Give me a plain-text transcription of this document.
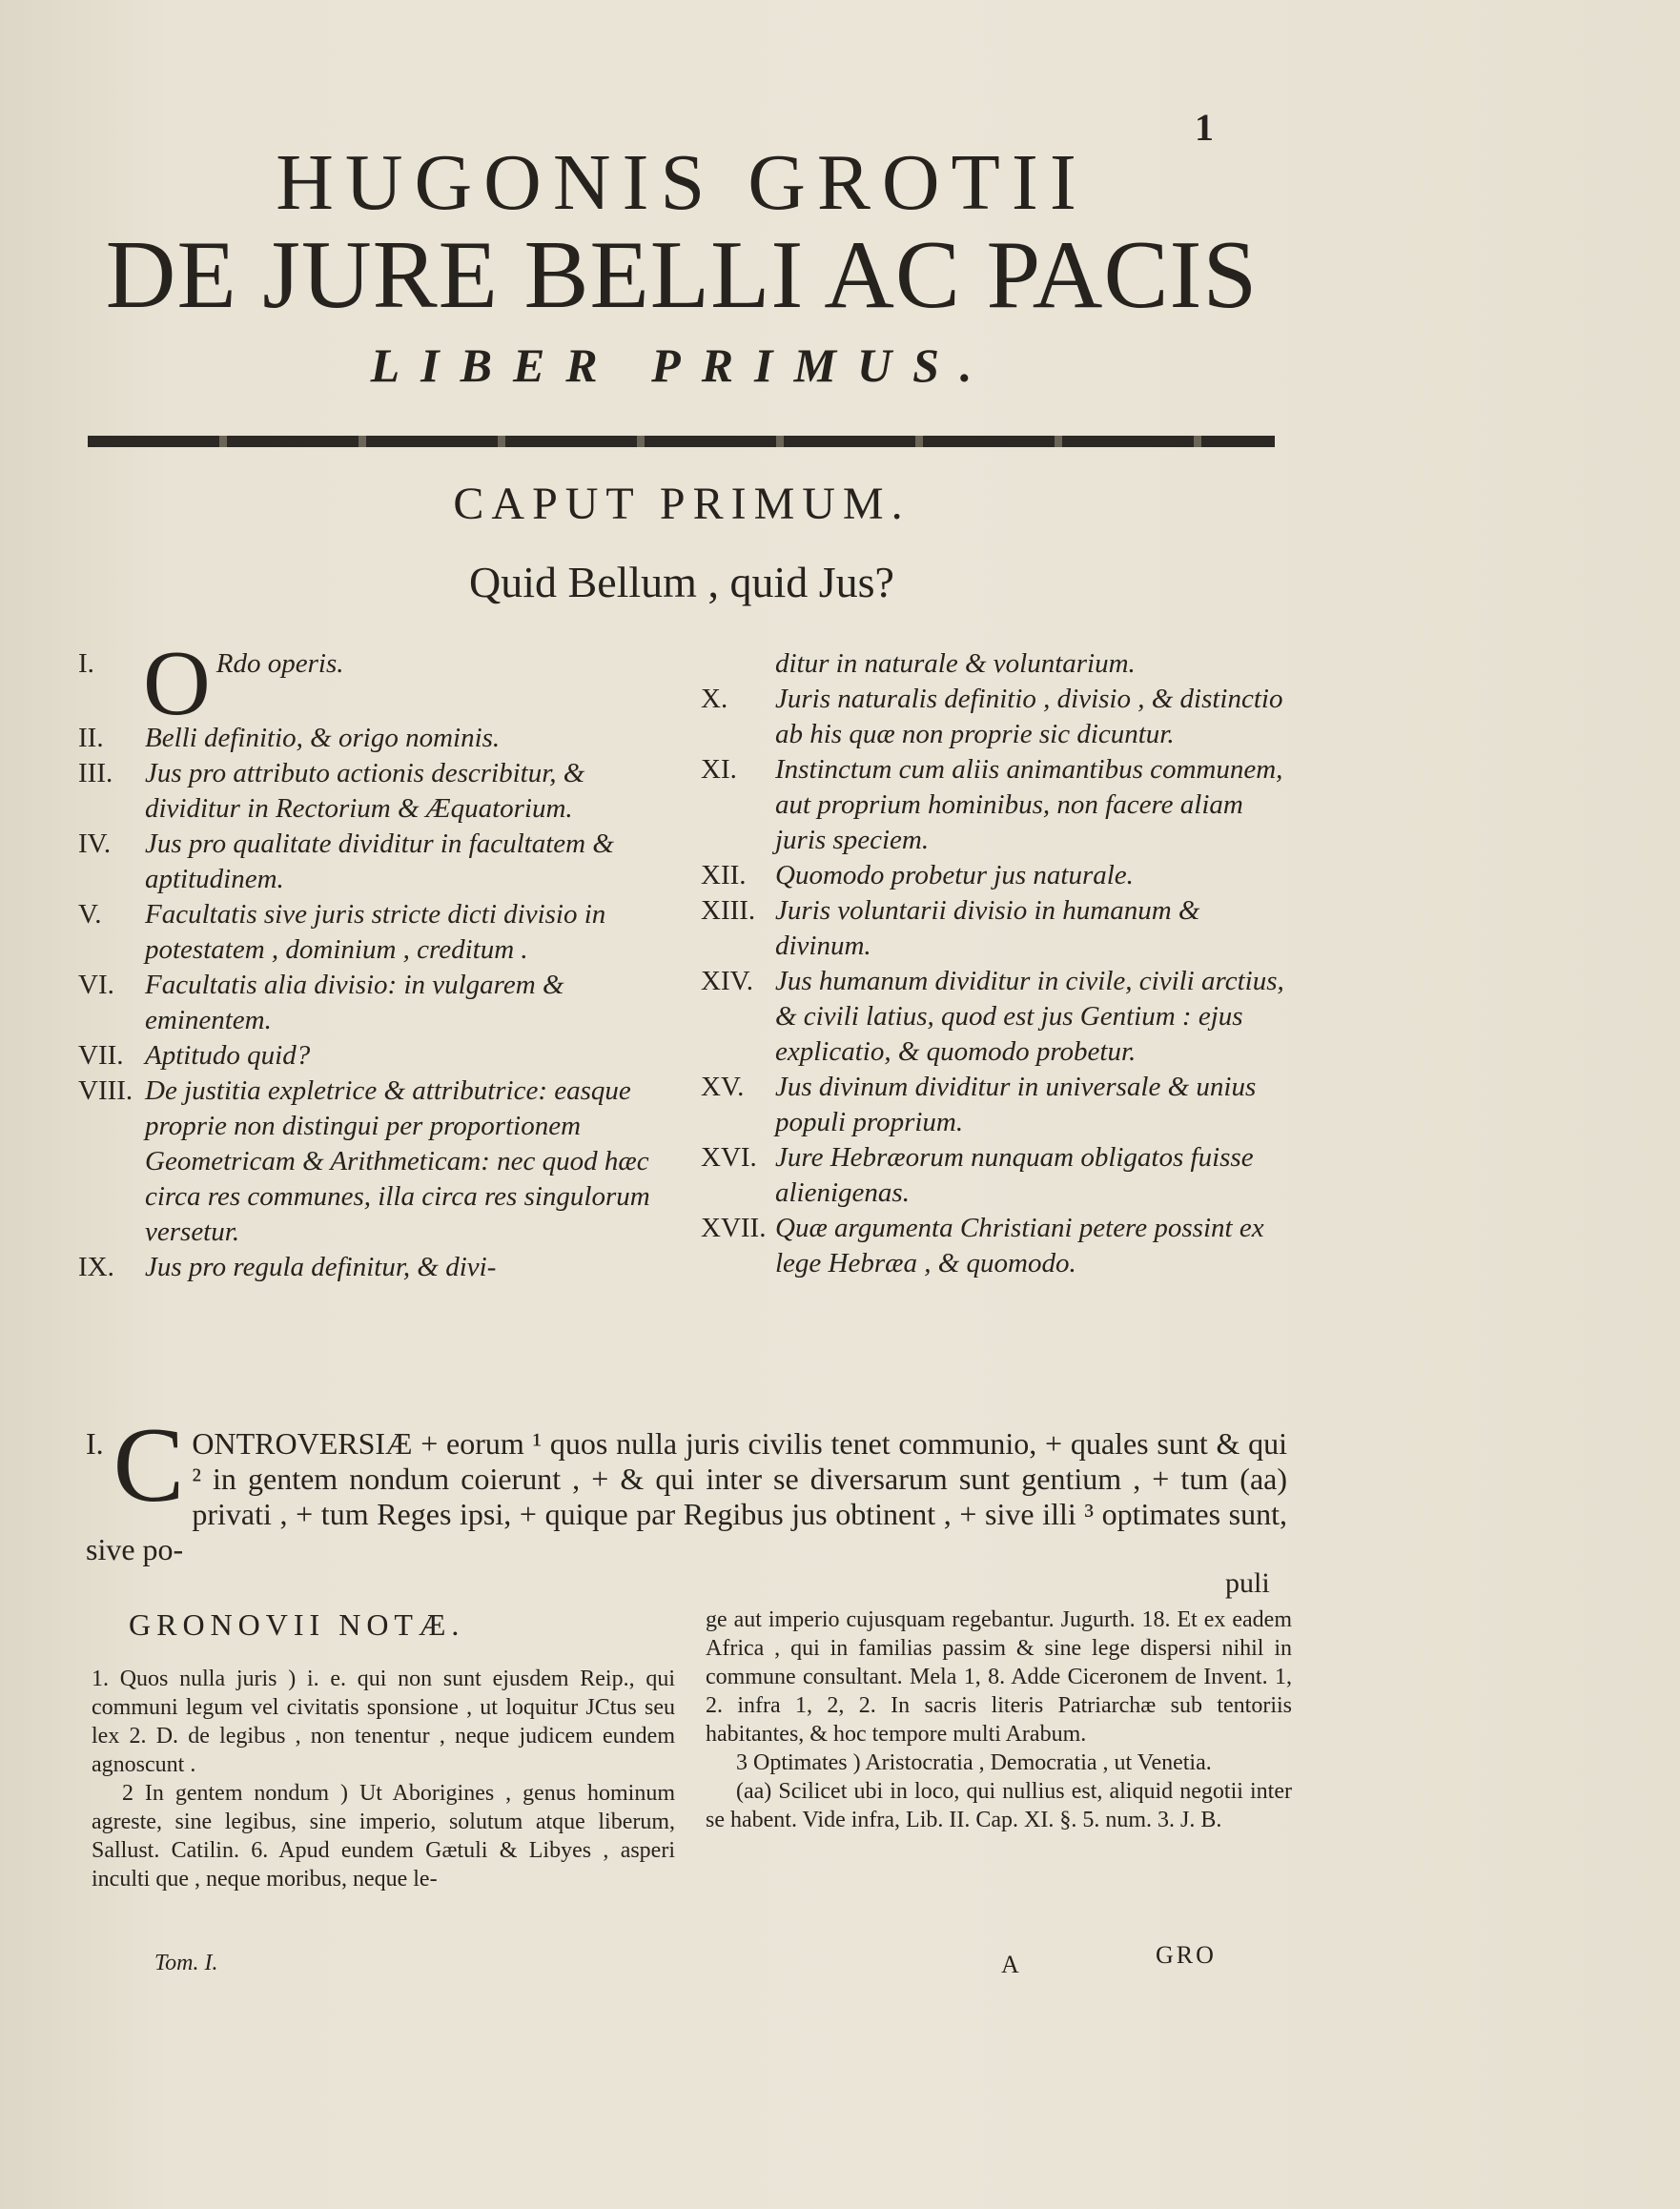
1
HUGONIS GROTII
DE JURE BELLI AC PACIS
LIBER PRIMUS.
CAPUT PRIMUM.
Quid Bellum , quid Jus?
I. O Rdo operis.
II.	Belli definitio, & origo nominis.
III.	Jus pro attributo actionis describitur, & dividitur in Rectorium & Æquatorium.
IV.	Jus pro qualitate dividitur in facultatem & aptitudinem.
V.	Facultatis sive juris stricte dicti divisio in potestatem , dominium , creditum .
VI.	Facultatis alia divisio: in vulgarem & eminentem.
VII. Aptitudo quid?
VIII. De justitia expletrice & attributrice: easque proprie non distingui per proportionem Geometricam & Arithmeticam: nec quod hæc circa res communes, illa circa res singulorum versetur.
IX.	Jus pro regula definitur, & divi-
ditur in naturale & voluntarium.
X.	Juris naturalis definitio , divisio , & distinctio ab his quæ non proprie sic dicuntur.
XI.	Instinctum cum aliis animantibus communem, aut proprium hominibus, non facere aliam juris speciem.
XII.	Quomodo probetur jus naturale.
XIII. Juris voluntarii divisio in humanum & divinum.
XIV. Jus humanum dividitur in civile, civili arctius, & civili latius, quod est jus Gentium : ejus explicatio, & quomodo probetur.
XV.	Jus divinum dividitur in universale & unius populi proprium.
XVI. Jure Hebræorum nunquam obligatos fuisse alienigenas.
XVII. Quæ argumenta Christiani petere possint ex lege Hebræa , & quomodo.

I. C ONTROVERSIÆ + eorum ¹ quos nulla juris civilis tenet communio, + quales sunt & qui ² in gentem nondum coierunt , + & qui inter se diversarum sunt gentium , + tum (aa) privati , + tum Reges ipsi, + quique par Regibus jus obtinent , + sive illi ³ optimates sunt, sive po-

puli
GRONOVII NOTÆ.

1. Quos nulla juris ) i. e. qui non sunt ejusdem Reip., qui communi legum vel civitatis sponsione , ut loquitur JCtus seu lex 2. D. de legibus , non tenentur , neque judicem eundem agnoscunt .

2 In gentem nondum ) Ut Aborigines , genus hominum agreste, sine legibus, sine imperio, solutum atque liberum, Sallust. Catilin. 6. Apud eundem Gætuli & Libyes , asperi inculti que , neque moribus, neque le-

ge aut imperio cujusquam regebantur. Jugurth. 18. Et ex eadem Africa , qui in familias passim & sine lege dispersi nihil in commune consultant. Mela 1, 8. Adde Ciceronem de Invent. 1, 2. infra 1, 2, 2. In sacris literis Patriarchæ sub tentoriis habitantes, & hoc tempore multi Arabum.

3 Optimates ) Aristocratia , Democratia , ut Venetia.

(aa) Scilicet ubi in loco, qui nullius est, aliquid negotii inter se habent. Vide infra, Lib. II. Cap. XI. §. 5. num. 3. J. B.

Tom. I.	A	GRO
